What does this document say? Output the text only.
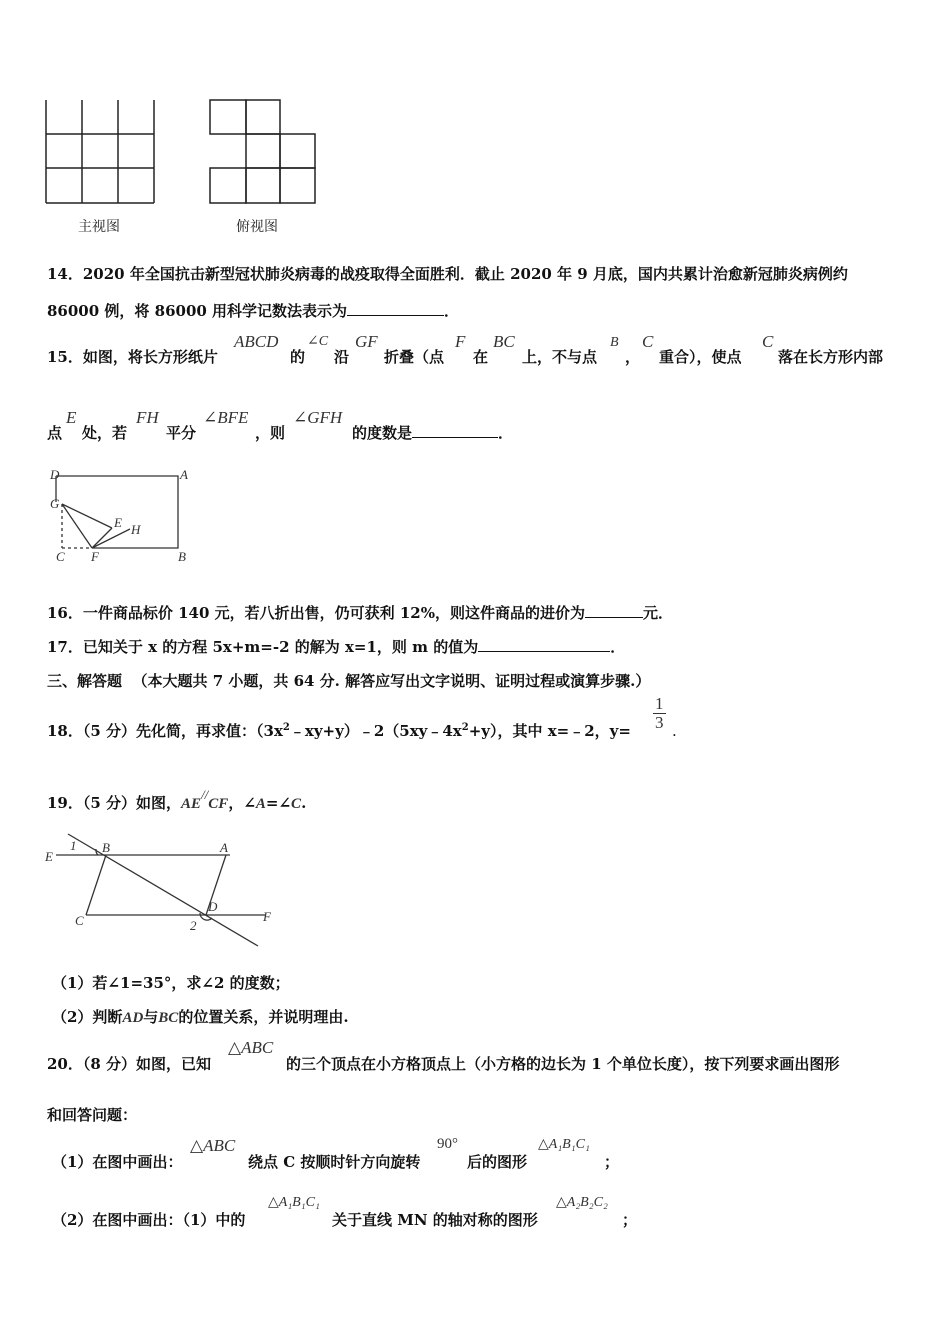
主视图	俯视图
14．2020 年全国抗击新型冠状肺炎病毒的战疫取得全面胜利．截止 2020 年 9 月底，国内共累计治愈新冠肺炎病例约
86000 例，将 86000 用科学记数法表示为	．
15．如图，将长方形纸片
ABCD
的
∠C
沿
GF
折叠（点
F
在
BC
上，不与点
B
，
C
重合），使点
C
落在长方形内部
点
E
处，若
FH
平分
∠BFE
，则
∠GFH
的度数是	．
D	A
G
E H
C F	B
16．一件商品标价 140 元，若八折出售，仍可获利 12%，则这件商品的进价为	元．
17．已知关于 x 的方程 5x+m=-2 的解为 x=1，则 m 的值为	．
三、解答题 （本大题共 7 小题，共 64 分. 解答应写出文字说明、证明过程或演算步骤.）
18．（5 分）先化简，再求值：$(3x^2﹣xy+y)﹣2(5xy﹣4x^2+y)$，其中 x=﹣2，$y= \frac{1}{3}$ .
19．（5 分）如图，AE//CF，∠A=∠C.
1 B	A
E
C
D
2
F
（1）若∠1=35°，求∠2 的度数；
（2）判断AD与BC的位置关系，并说明理由.
20．（8 分）如图，已知
△ABC
的三个顶点在小方格顶点上（小方格的边长为 1 个单位长度），按下列要求画出图形
和回答问题：
（1）在图中画出：
△ABC
绕点 C 按顺时针方向旋转
90°
后的图形
△A₁B₁C₁
；
（2）在图中画出：（1）中的
△A₁B₁C₁
关于直线 MN 的轴对称的图形
△A₂B₂C₂
；
